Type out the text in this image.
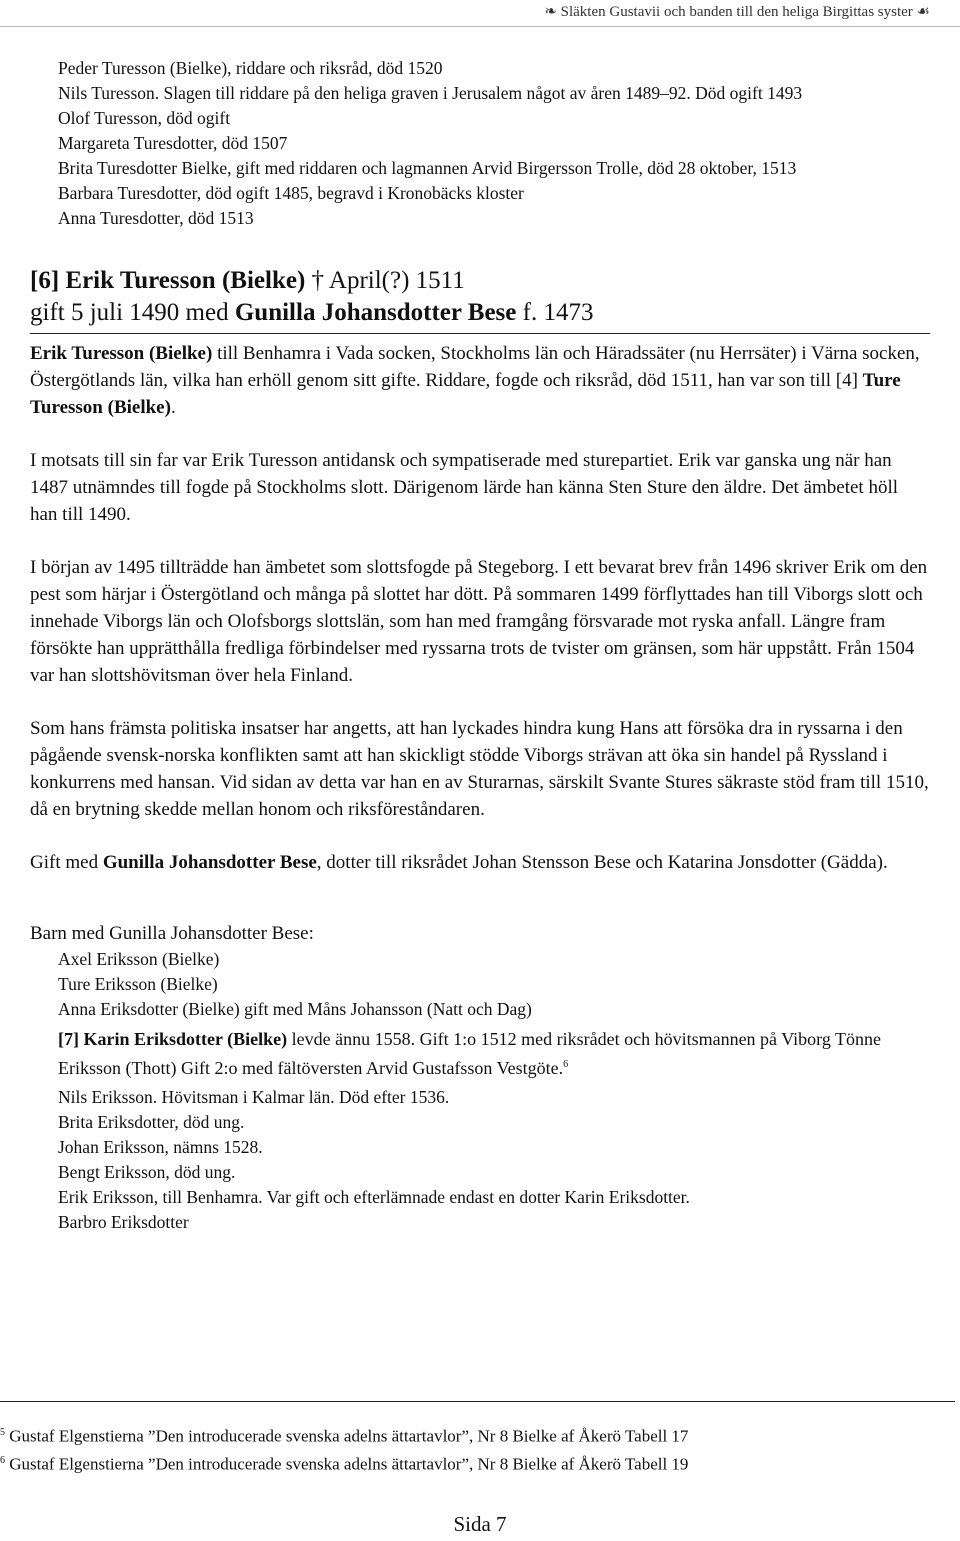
❧ Släkten Gustavii och banden till den heliga Birgittas syster ☙
Peder Turesson (Bielke), riddare och riksråd, död 1520
Nils Turesson. Slagen till riddare på den heliga graven i Jerusalem något av åren 1489–92. Död ogift 1493
Olof Turesson, död ogift
Margareta Turesdotter, död 1507
Brita Turesdotter Bielke, gift med riddaren och lagmannen Arvid Birgersson Trolle, död 28 oktober, 1513
Barbara Turesdotter, död ogift 1485, begravd i Kronobäcks kloster
Anna Turesdotter, död 1513
[6] Erik Turesson (Bielke) † April(?) 1511
gift 5 juli 1490 med Gunilla Johansdotter Bese f. 1473

Erik Turesson (Bielke) till Benhamra i Vada socken, Stockholms län och Häradssäter (nu Herrsäter) i Värna socken, Östergötlands län, vilka han erhöll genom sitt gifte. Riddare, fogde och riksråd, död 1511, han var son till [4] Ture Turesson (Bielke).

I motsats till sin far var Erik Turesson antidansk och sympatiserade med sturepartiet. Erik var ganska ung när han 1487 utnämndes till fogde på Stockholms slott. Därigenom lärde han känna Sten Sture den äldre. Det ämbetet höll han till 1490.

I början av 1495 tillträdde han ämbetet som slottsfogde på Stegeborg. I ett bevarat brev från 1496 skriver Erik om den pest som härjar i Östergötland och många på slottet har dött. På sommaren 1499 förflyttades han till Viborgs slott och innehade Viborgs län och Olofsborgs slottslän, som han med framgång försvarade mot ryska anfall. Längre fram försökte han upprätthålla fredliga förbindelser med ryssarna trots de tvister om gränsen, som här uppstått. Från 1504 var han slottshövitsman över hela Finland.

Som hans främsta politiska insatser har angetts, att han lyckades hindra kung Hans att försöka dra in ryssarna i den pågående svensk-norska konflikten samt att han skickligt stödde Viborgs strävan att öka sin handel på Ryssland i konkurrens med hansan. Vid sidan av detta var han en av Sturarnas, särskilt Svante Stures säkraste stöd fram till 1510, då en brytning skedde mellan honom och riksföreståndaren.

Gift med Gunilla Johansdotter Bese, dotter till riksrådet Johan Stensson Bese och Katarina Jonsdotter (Gädda).

Barn med Gunilla Johansdotter Bese:
Axel Eriksson (Bielke)
Ture Eriksson (Bielke)
Anna Eriksdotter (Bielke) gift med Måns Johansson (Natt och Dag)
[7] Karin Eriksdotter (Bielke) levde ännu 1558. Gift 1:o 1512 med riksrådet och hövitsmannen på Viborg Tönne Eriksson (Thott) Gift 2:o med fältöversten Arvid Gustafsson Vestgöte.$^6$
Nils Eriksson. Hövitsman i Kalmar län. Död efter 1536.
Brita Eriksdotter, död ung.
Johan Eriksson, nämns 1528.
Bengt Eriksson, död ung.
Erik Eriksson, till Benhamra. Var gift och efterlämnade endast en dotter Karin Eriksdotter.
Barbro Eriksdotter
$^5$ Gustaf Elgenstierna ”Den introducerade svenska adelns ättartavlor”, Nr 8 Bielke af Åkerö Tabell 17
$^6$ Gustaf Elgenstierna ”Den introducerade svenska adelns ättartavlor”, Nr 8 Bielke af Åkerö Tabell 19
Sida 7
